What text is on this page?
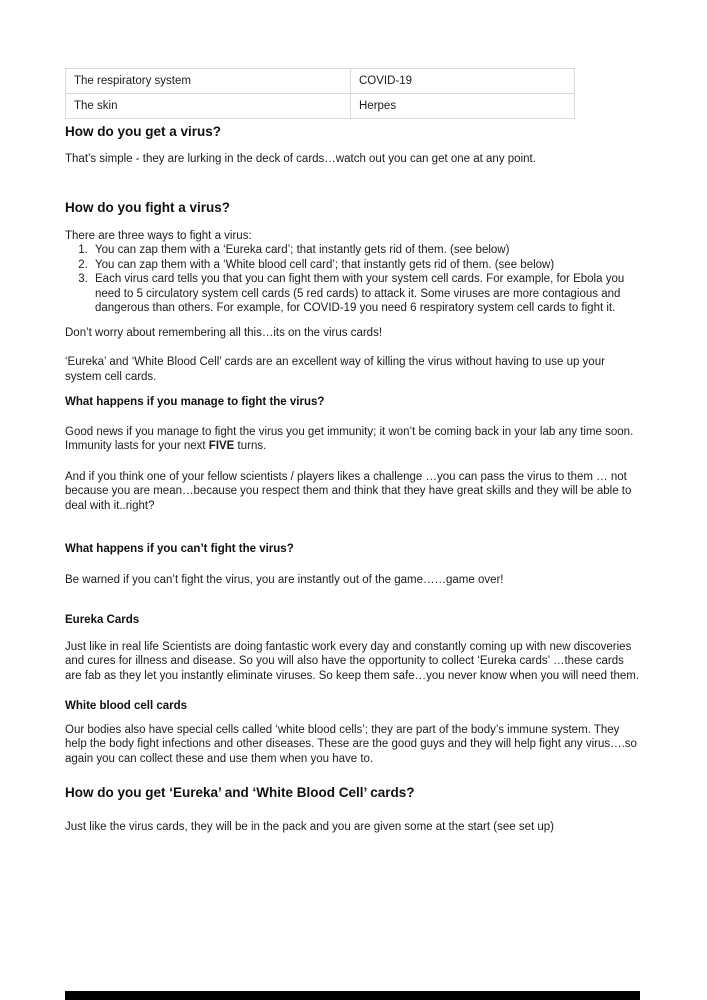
The respiratory system	COVID-19
The skin	Herpes
How do you get a virus?

That’s simple - they are lurking in the deck of cards…watch out you can get one at any point.

How do you fight a virus?

There are three ways to fight a virus:

1. You can zap them with a ‘Eureka card’; that instantly gets rid of them. (see below)
2. You can zap them with a ‘White blood cell card’; that instantly gets rid of them. (see below)
3. Each virus card tells you that you can fight them with your system cell cards. For example, for Ebola you need to 5 circulatory system cell cards (5 red cards) to attack it. Some viruses are more contagious and dangerous than others. For example, for COVID-19 you need 6 respiratory system cell cards to fight it.

Don’t worry about remembering all this…its on the virus cards!

‘Eureka’ and ‘White Blood Cell’ cards are an excellent way of killing the virus without having to use up your system cell cards.

What happens if you manage to fight the virus?

Good news if you manage to fight the virus you get immunity; it won’t be coming back in your lab any time soon. Immunity lasts for your next FIVE turns.

And if you think one of your fellow scientists / players likes a challenge …you can pass the virus to them … not because you are mean…because you respect them and think that they have great skills and they will be able to deal with it..right?

What happens if you can’t fight the virus?

Be warned if you can’t fight the virus, you are instantly out of the game……game over!

Eureka Cards

Just like in real life Scientists are doing fantastic work every day and constantly coming up with new discoveries and cures for illness and disease. So you will also have the opportunity to collect ‘Eureka cards’ …these cards are fab as they let you instantly eliminate viruses. So keep them safe…you never know when you will need them.

White blood cell cards

Our bodies also have special cells called ‘white blood cells’; they are part of the body’s immune system. They help the body fight infections and other diseases. These are the good guys and they will help fight any virus….so again you can collect these and use them when you have to.

How do you get ‘Eureka’ and ‘White Blood Cell’ cards?

Just like the virus cards, they will be in the pack and you are given some at the start (see set up)
